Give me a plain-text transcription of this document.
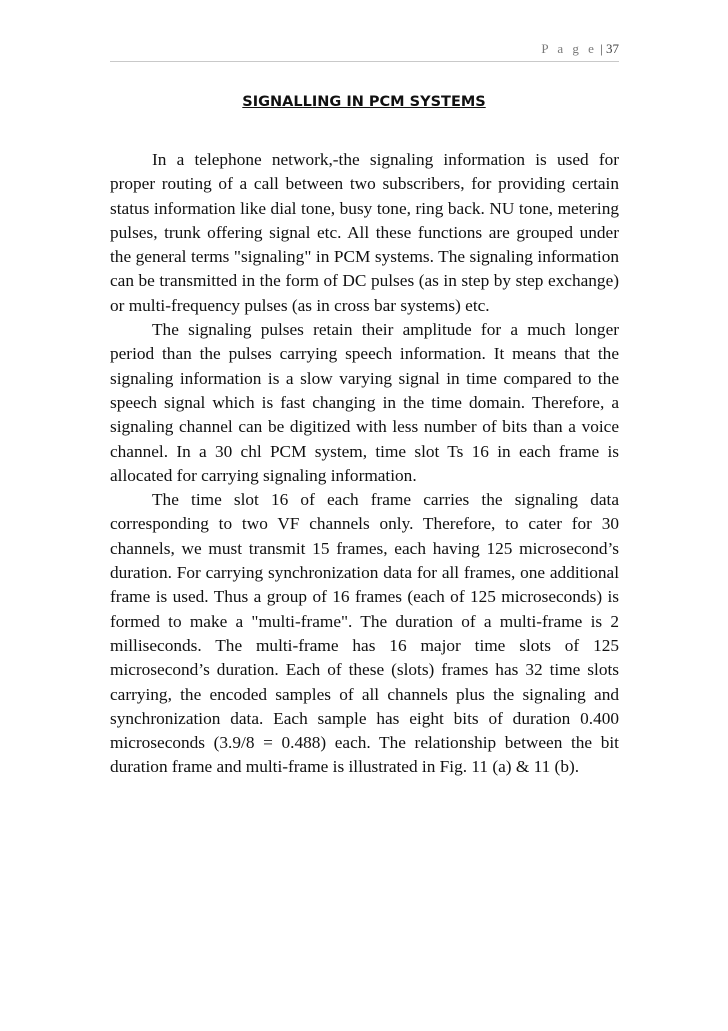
P a g e | 37
SIGNALLING IN PCM SYSTEMS

In a telephone network,-the signaling information is used for proper routing of a call between two subscribers, for providing certain status information like dial tone, busy tone, ring back. NU tone, metering pulses, trunk offering signal etc. All these functions are grouped under the general terms "signaling" in PCM systems. The signaling information can be transmitted in the form of DC pulses (as in step by step exchange) or multi-frequency pulses (as in cross bar systems) etc.

The signaling pulses retain their amplitude for a much longer period than the pulses carrying speech information. It means that the signaling information is a slow varying signal in time compared to the speech signal which is fast changing in the time domain. Therefore, a signaling channel can be digitized with less number of bits than a voice channel. In a 30 chl PCM system, time slot Ts 16 in each frame is allocated for carrying signaling information.

The time slot 16 of each frame carries the signaling data corresponding to two VF channels only. Therefore, to cater for 30 channels, we must transmit 15 frames, each having 125 microsecond’s duration. For carrying synchronization data for all frames, one additional frame is used. Thus a group of 16 frames (each of 125 microseconds) is formed to make a "multi-frame". The duration of a multi-frame is 2 milliseconds. The multi-frame has 16 major time slots of 125 microsecond’s duration. Each of these (slots) frames has 32 time slots carrying, the encoded samples of all channels plus the signaling and synchronization data. Each sample has eight bits of duration 0.400 microseconds (3.9/8 = 0.488) each. The relationship between the bit duration frame and multi-frame is illustrated in Fig. 11 (a) & 11 (b).
